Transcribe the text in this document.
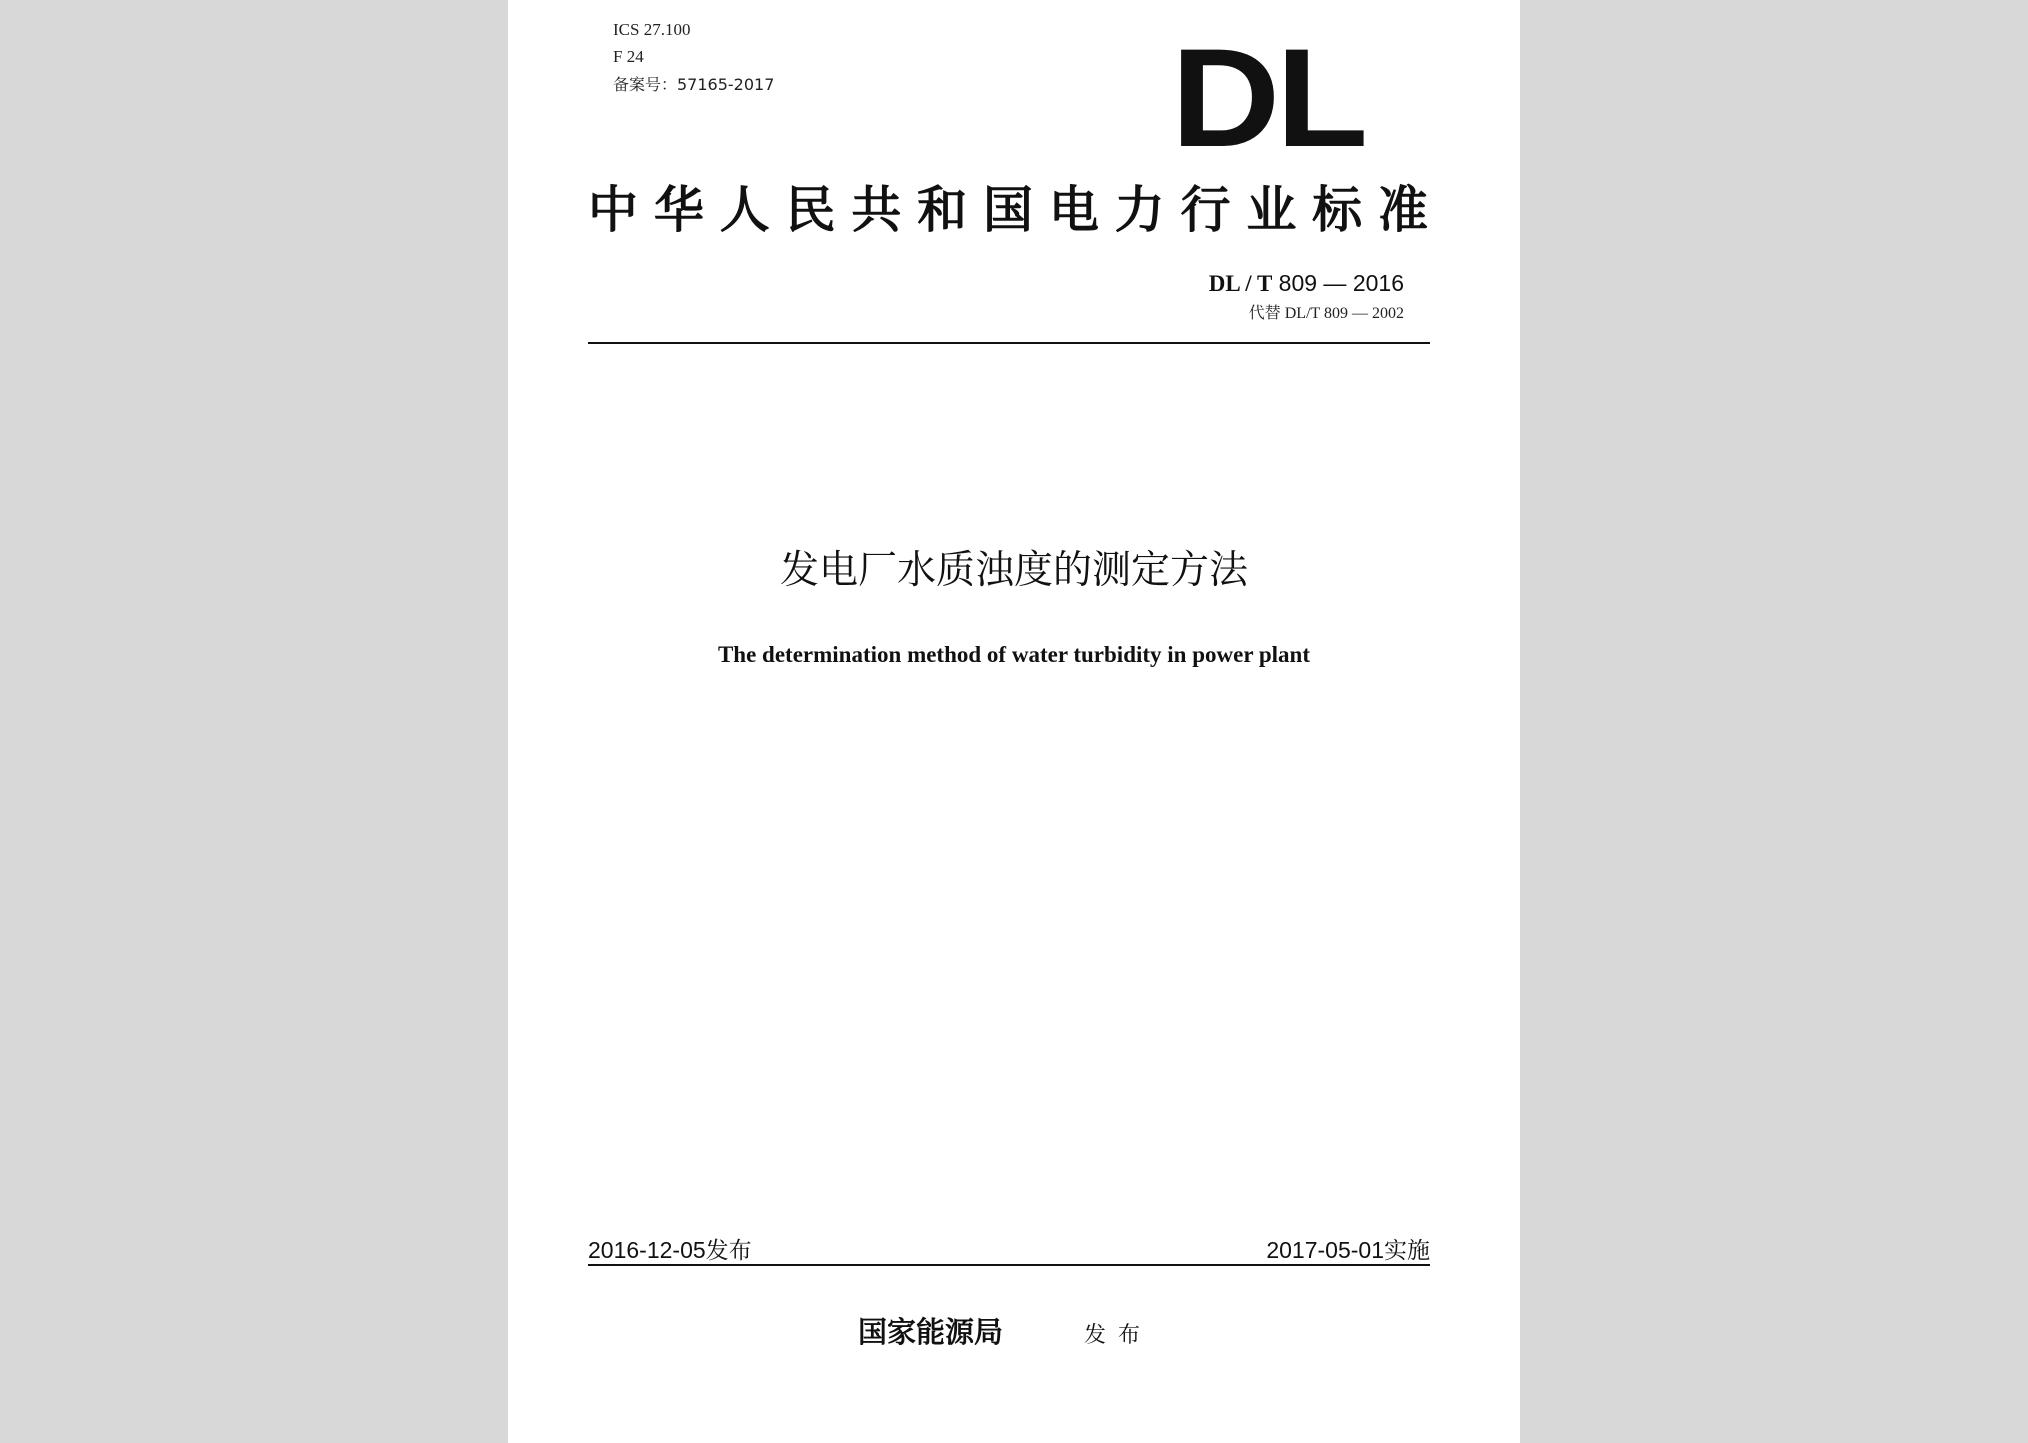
ICS 27.100
F 24
备案号：57165-2017	DL
中华人民共和国电力行业标准
DL / T 809 — 2016
代替 DL/T 809 — 2002
发电厂水质浊度的测定方法
The determination method of water turbidity in power plant
2016-12-05发布	2017-05-01实施
国家能源局	发布
